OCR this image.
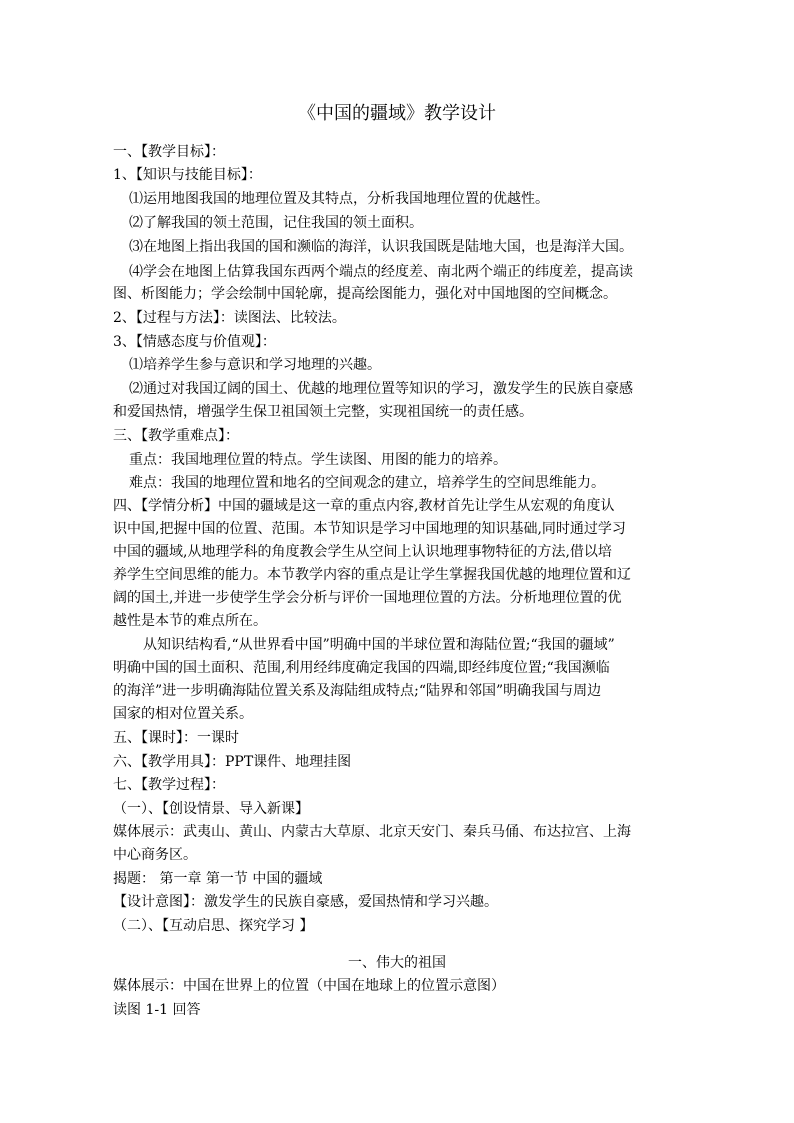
《中国的疆域》教学设计
一、【教学目标】：
1、【知识与技能目标】：
⑴运用地图我国的地理位置及其特点，分析我国地理位置的优越性。
⑵了解我国的领土范围，记住我国的领土面积。
⑶在地图上指出我国的国和濒临的海洋，认识我国既是陆地大国，也是海洋大国。
⑷学会在地图上估算我国东西两个端点的经度差、南北两个端正的纬度差，提高读
图、析图能力；学会绘制中国轮廓，提高绘图能力，强化对中国地图的空间概念。
2、【过程与方法】：读图法、比较法。
3、【情感态度与价值观】：
⑴培养学生参与意识和学习地理的兴趣。
⑵通过对我国辽阔的国土、优越的地理位置等知识的学习，激发学生的民族自豪感
和爱国热情，增强学生保卫祖国领土完整，实现祖国统一的责任感。
三、【教学重难点】：
重点：我国地理位置的特点。学生读图、用图的能力的培养。
难点：我国的地理位置和地名的空间观念的建立，培养学生的空间思维能力。
四、【学情分析】中国的疆域是这一章的重点内容,教材首先让学生从宏观的角度认
识中国,把握中国的位置、范围。本节知识是学习中国地理的知识基础,同时通过学习
中国的疆域,从地理学科的角度教会学生从空间上认识地理事物特征的方法,借以培
养学生空间思维的能力。本节教学内容的重点是让学生掌握我国优越的地理位置和辽
阔的国土,并进一步使学生学会分析与评价一国地理位置的方法。分析地理位置的优
越性是本节的难点所在。
从知识结构看,“从世界看中国”明确中国的半球位置和海陆位置;“我国的疆域”
明确中国的国土面积、范围,利用经纬度确定我国的四端,即经纬度位置;“我国濒临
的海洋”进一步明确海陆位置关系及海陆组成特点;“陆界和邻国”明确我国与周边
国家的相对位置关系。
五、【课时】：一课时
六、【教学用具】：PPT课件、地理挂图
七、【教学过程】：
（一）、【创设情景、导入新课】
媒体展示：武夷山、黄山、内蒙古大草原、北京天安门、秦兵马俑、布达拉宫、上海
中心商务区。
揭题： 第一章 第一节 中国的疆域
【设计意图】：激发学生的民族自豪感，爱国热情和学习兴趣。
（二）、【互动启思、探究学习 】
一、伟大的祖国
媒体展示：中国在世界上的位置（中国在地球上的位置示意图）
读图 1-1 回答
